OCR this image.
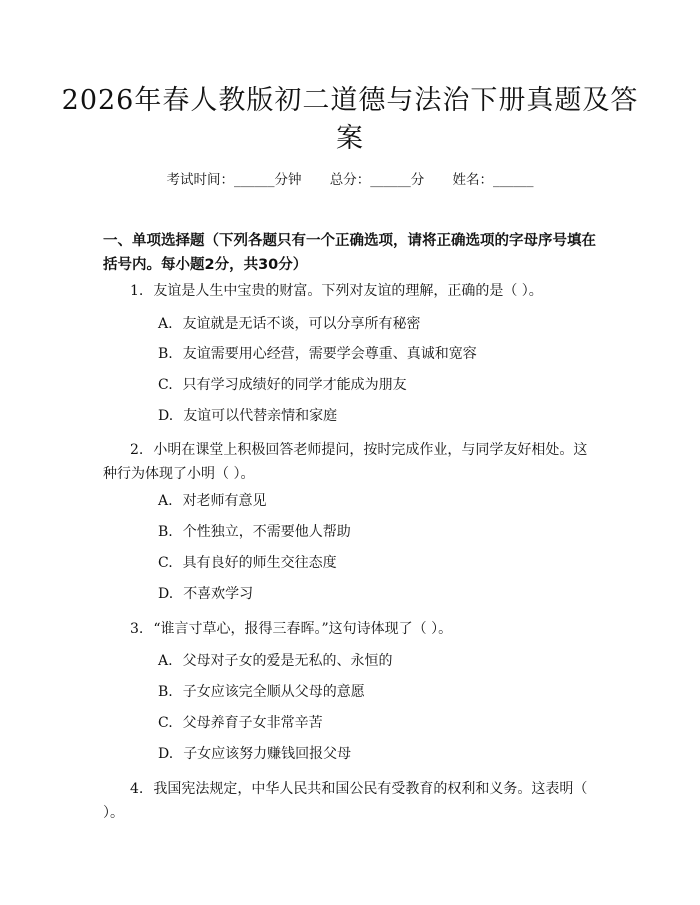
2026年春人教版初二道德与法治下册真题及答案
考试时间：______分钟 总分：______分 姓名：______
一、单项选择题（下列各题只有一个正确选项，请将正确选项的字母序号填在括号内。每小题2分，共30分）
1. 友谊是人生中宝贵的财富。下列对友谊的理解，正确的是（ ）。
A. 友谊就是无话不谈，可以分享所有秘密
B. 友谊需要用心经营，需要学会尊重、真诚和宽容
C. 只有学习成绩好的同学才能成为朋友
D. 友谊可以代替亲情和家庭
2. 小明在课堂上积极回答老师提问，按时完成作业，与同学友好相处。这种行为体现了小明（ ）。
A. 对老师有意见
B. 个性独立，不需要他人帮助
C. 具有良好的师生交往态度
D. 不喜欢学习
3. “谁言寸草心，报得三春晖。”这句诗体现了（ ）。
A. 父母对子女的爱是无私的、永恒的
B. 子女应该完全顺从父母的意愿
C. 父母养育子女非常辛苦
D. 子女应该努力赚钱回报父母
4. 我国宪法规定，中华人民共和国公民有受教育的权利和义务。这表明（ ）。
